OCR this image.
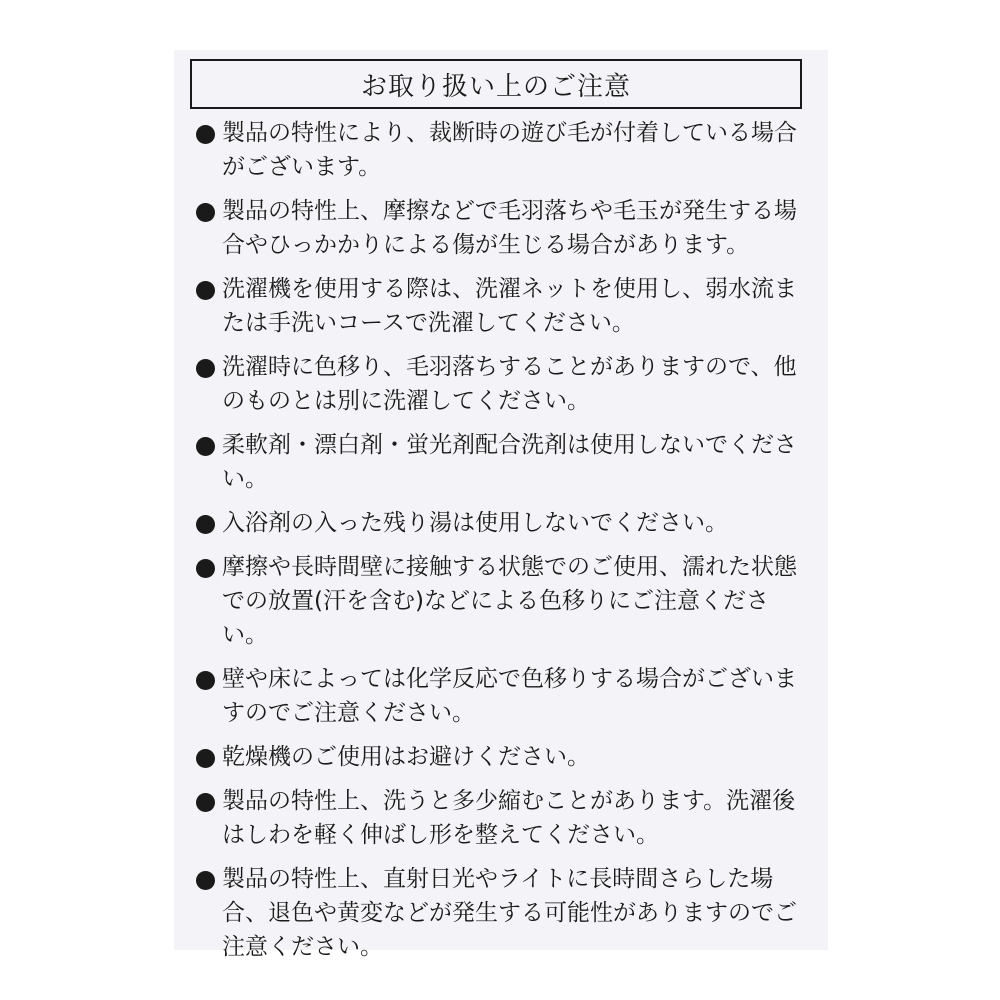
お取り扱い上のご注意
製品の特性により、裁断時の遊び毛が付着している場合がございます。
製品の特性上、摩擦などで毛羽落ちや毛玉が発生する場合やひっかかりによる傷が生じる場合があります。
洗濯機を使用する際は、洗濯ネットを使用し、弱水流または手洗いコースで洗濯してください。
洗濯時に色移り、毛羽落ちすることがありますので、他のものとは別に洗濯してください。
柔軟剤・漂白剤・蛍光剤配合洗剤は使用しないでください。
入浴剤の入った残り湯は使用しないでください。
摩擦や長時間壁に接触する状態でのご使用、濡れた状態での放置(汗を含む)などによる色移りにご注意ください。
壁や床によっては化学反応で色移りする場合がございますのでご注意ください。
乾燥機のご使用はお避けください。
製品の特性上、洗うと多少縮むことがあります。洗濯後はしわを軽く伸ばし形を整えてください。
製品の特性上、直射日光やライトに長時間さらした場合、退色や黄変などが発生する可能性がありますのでご注意ください。
